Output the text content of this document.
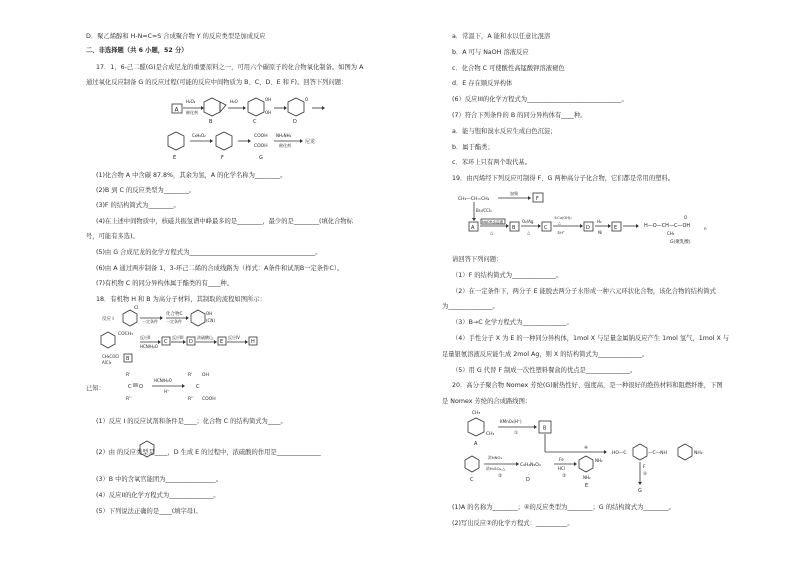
D．聚乙烯醇和 H-N=C=S 合成聚合物 Y 的反应类型是加成反应
二、非选择题（共 6 小题，52 分）
17．1，6-己二醛(G)是合成尼龙的重要原料之一，可用六个碳原子的化合物氧化制备。如图为 A
通过氧化反应制备 G 的反应过程(可能的反应中间物质为 B、C、D、E 和 F)。回答下列问题：
A
H₂O₂
催化剂
B
H₂O	OH
OH
C
O
D
E
C₆H₆O₂
F
COOH
COOH
G
NH₂NH₂
催化剂
尼龙
(1)化合物 A 中含碳 87.8%，其余为氢，A 的化学名称为________。
(2)B 到 C 的反应类型为________。
(3)F 的结构简式为________。
(4)在上述中间物质中，核磁共振氢谱中峰最多的是________，最少的是________(填化合物标
号，可能有多选)。
(5)由 G 合成尼龙的化学方程式为________________________________________。
(6)由 A 通过两步制备 1，3-环己二烯的合成线路为（样式：A条件和试剂B一定条件C）。
(7)有机物 C 的同分异构体属于酯类的有____种。
18．有机物 H 和 B 为高分子材料，其制取的流程如图所示：
反应 I
Cl
一定条件
化合物C
一定条件
OH
(CN)
COCH₃
反应II
HCN/H₂O
C
反应III
D
浓硫酸/△
E
反应IV
H
CH₃COCl
AlCl₃
B
已知：
R'
C O
R''
HCN/H₂O
H⁺
R' OH
C
R'' COOH
(1）反应 I 的反应试剂和条件是____；化合物 C 的结构简式为____。
(2）由 的反应类型是____，D 生成 E 的过程中，浓硫酸的作用是______________
(3）B 中的含氧官能团为________________。
(4）反应II的化学方程式为______________。
(5）下列说法正确的是____(填字母)。
a．常温下，A 能和水以任意比混溶
b．A 可与 NaOH 溶液反应
c．化合物 C 可使酸性高锰酸钾溶液褪色
d．E 存在顺反异构体
(6）反应III的化学方程式为______________________________。
(7）符合下列条件的 B 的同分异构体有____种。
a．能与饱和溴水反应生成白色沉淀；
b．属于酯类；
c．苯环上只有两个取代基。
19．由丙烯经下列反应可制得 F、G 两种高分子化合物，它们都是常用的塑料。
CH₃—CH=CH₂
加聚
F
Br₂/CCl₄
A
NaOH水溶液
△
B
O₂/Ag
△
C
①Cu(OH)₂
△
②H⁺
D
H₂
Ni
E	H—O—CH—C—OH
CH₃
O
n
G(聚乳酸)
请回答下列问题：
（1）F 的结构简式为______________。
（2）在一定条件下，两分子 E 能脱去两分子水形成一种六元环状化合物，该化合物的结构简式
为______________。
（3）B→C 化学方程式为______________。
（4）手性分子 X 为 E 的一种同分异构体，1mol X 与足量金属钠反应产生 1mol 氢气，1mol X 与
足量银氨溶液反应能生成 2mol Ag，则 X 的结构简式为______________。
（5）用 G 代替 F 制成一次性塑料餐盒的优点是______________。
20．高分子聚合物 Nomex 芳纶(G)耐热性好、强度高，是一种很好的绝热材料和阻燃纤维，下图
是 Nomex 芳纶的合成路线图：
CH₃
CH₃
A
KMnO₄(H⁺)
①
B
④
HO—C	—C—NH	NH₂
F
⑤
G
C
浓HNO₃
浓H₂SO₄,△
②
C₆H₄N₂O₄
D
Fe
HCl
③
NH₂
NH₂
E
(1)A 的名称为________；④的反应类型为________；G 的结构简式为________。
(2)写出反应②的化学方程式：__________。
